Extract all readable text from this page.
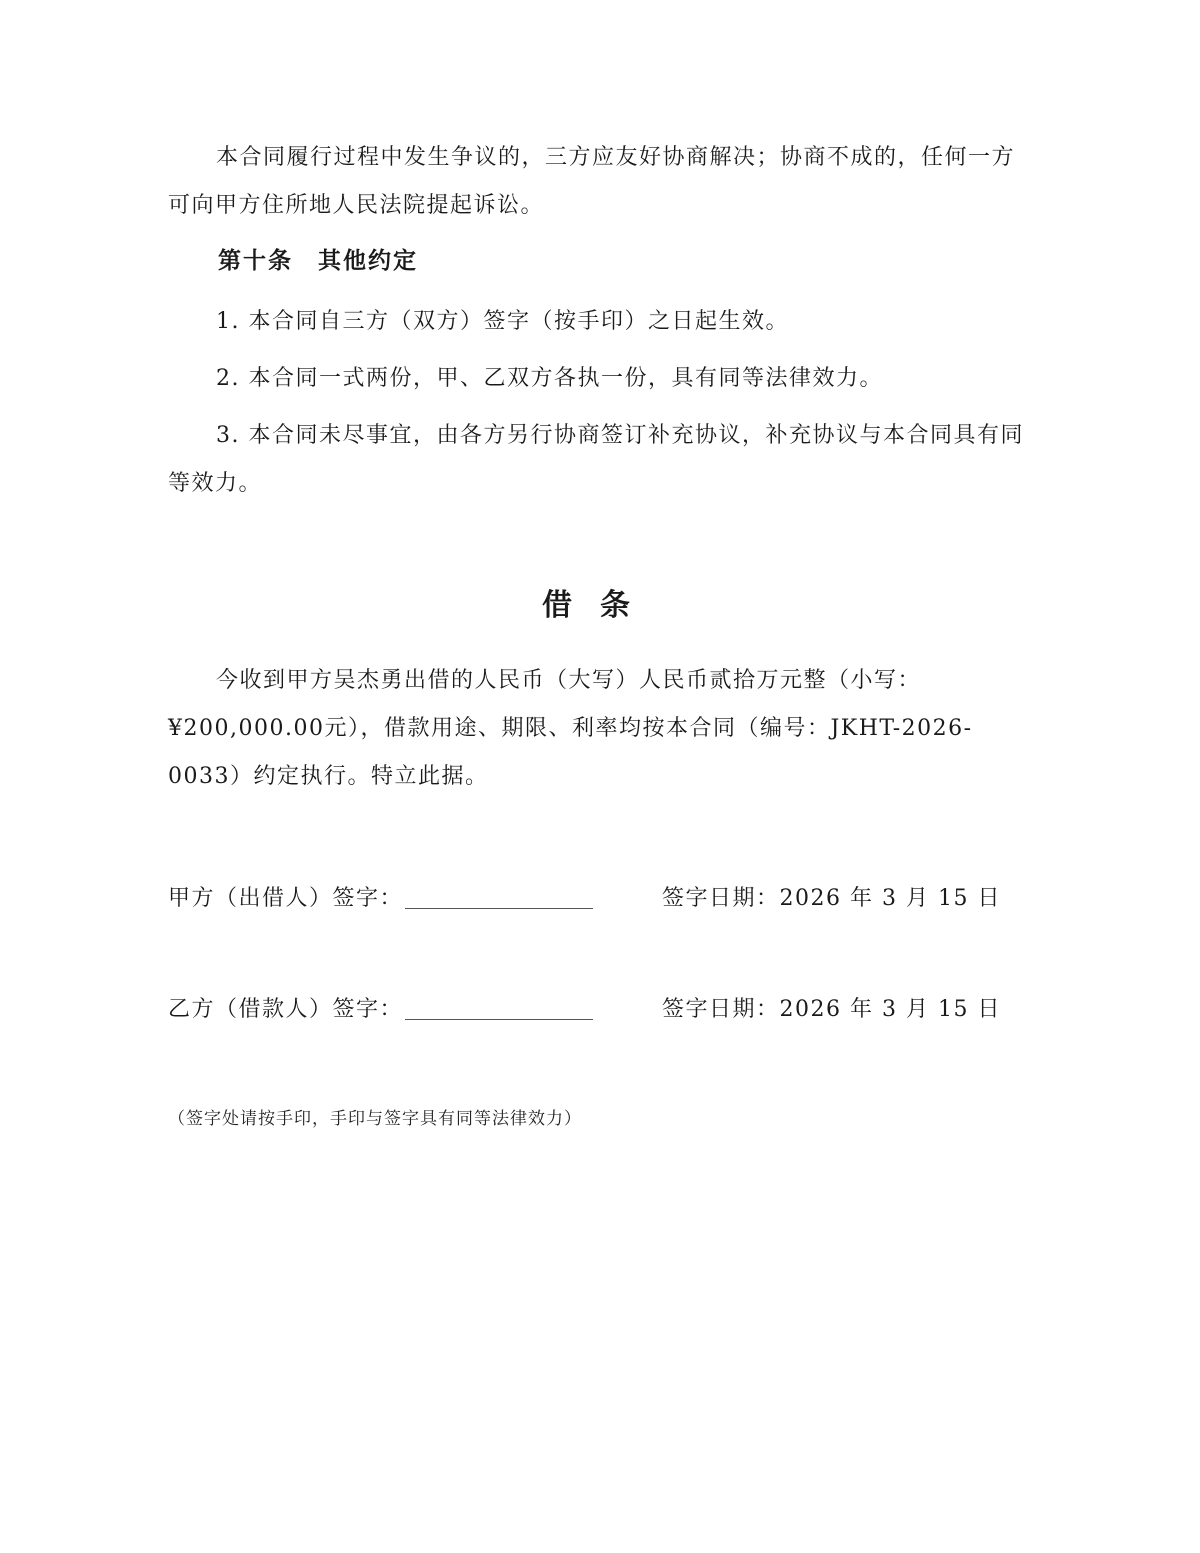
本合同履行过程中发生争议的，三方应友好协商解决；协商不成的，任何一方可向甲方住所地人民法院提起诉讼。

第十条　其他约定

1. 本合同自三方（双方）签字（按手印）之日起生效。

2. 本合同一式两份，甲、乙双方各执一份，具有同等法律效力。

3. 本合同未尽事宜，由各方另行协商签订补充协议，补充协议与本合同具有同等效力。

借条

今收到甲方吴杰勇出借的人民币（大写）人民币贰拾万元整（小写：¥200,000.00元），借款用途、期限、利率均按本合同（编号：JKHT-2026-0033）约定执行。特立此据。

甲方（出借人）签字：	签字日期：2026 年 3 月 15 日
乙方（借款人）签字：	签字日期：2026 年 3 月 15 日

（签字处请按手印，手印与签字具有同等法律效力）
